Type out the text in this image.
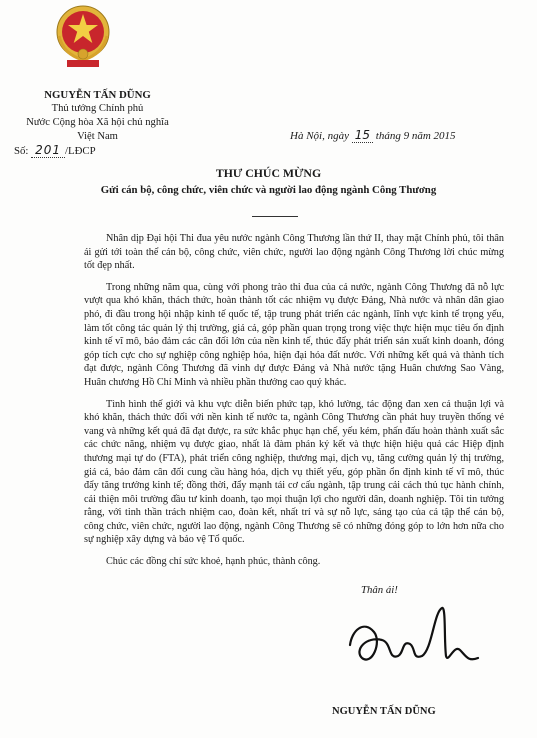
NGUYỄN TẤN DŨNG
Thủ tướng Chính phủ
Nước Cộng hòa Xã hội chủ nghĩa
Việt Nam
Số: 201 /LĐCP
Hà Nội, ngày 15 tháng 9 năm 2015
THƯ CHÚC MỪNG
Gửi cán bộ, công chức, viên chức và người lao động ngành Công Thương

Nhân dịp Đại hội Thi đua yêu nước ngành Công Thương lần thứ II, thay mặt Chính phủ, tôi thân ái gửi tới toàn thể cán bộ, công chức, viên chức, người lao động ngành Công Thương lời chúc mừng tốt đẹp nhất.

Trong những năm qua, cùng với phong trào thi đua của cả nước, ngành Công Thương đã nỗ lực vượt qua khó khăn, thách thức, hoàn thành tốt các nhiệm vụ được Đảng, Nhà nước và nhân dân giao phó, đi đầu trong hội nhập kinh tế quốc tế, tập trung phát triển các ngành, lĩnh vực kinh tế trọng yếu, làm tốt công tác quản lý thị trường, giá cả, góp phần quan trọng trong việc thực hiện mục tiêu ổn định kinh tế vĩ mô, bảo đảm các cân đối lớn của nền kinh tế, thúc đẩy phát triển sản xuất kinh doanh, đóng góp tích cực cho sự nghiệp công nghiệp hóa, hiện đại hóa đất nước. Với những kết quả và thành tích đạt được, ngành Công Thương đã vinh dự được Đảng và Nhà nước tặng Huân chương Sao Vàng, Huân chương Hồ Chí Minh và nhiều phần thưởng cao quý khác.

Tình hình thế giới và khu vực diễn biến phức tạp, khó lường, tác động đan xen cả thuận lợi và khó khăn, thách thức đối với nền kinh tế nước ta, ngành Công Thương cần phát huy truyền thống vẻ vang và những kết quả đã đạt được, ra sức khắc phục hạn chế, yếu kém, phấn đấu hoàn thành xuất sắc các chức năng, nhiệm vụ được giao, nhất là đàm phán ký kết và thực hiện hiệu quả các Hiệp định thương mại tự do (FTA), phát triển công nghiệp, thương mại, dịch vụ, tăng cường quản lý thị trường, giá cả, bảo đảm cân đối cung cầu hàng hóa, dịch vụ thiết yếu, góp phần ổn định kinh tế vĩ mô, thúc đẩy tăng trưởng kinh tế; đồng thời, đẩy mạnh tái cơ cấu ngành, tập trung cải cách thủ tục hành chính, cải thiện môi trường đầu tư kinh doanh, tạo mọi thuận lợi cho người dân, doanh nghiệp. Tôi tin tưởng rằng, với tinh thần trách nhiệm cao, đoàn kết, nhất trí và sự nỗ lực, sáng tạo của cả tập thể cán bộ, công chức, viên chức, người lao động, ngành Công Thương sẽ có những đóng góp to lớn hơn nữa cho sự nghiệp xây dựng và bảo vệ Tổ quốc.

Chúc các đồng chí sức khoẻ, hạnh phúc, thành công.

Thân ái!
NGUYỄN TẤN DŨNG
